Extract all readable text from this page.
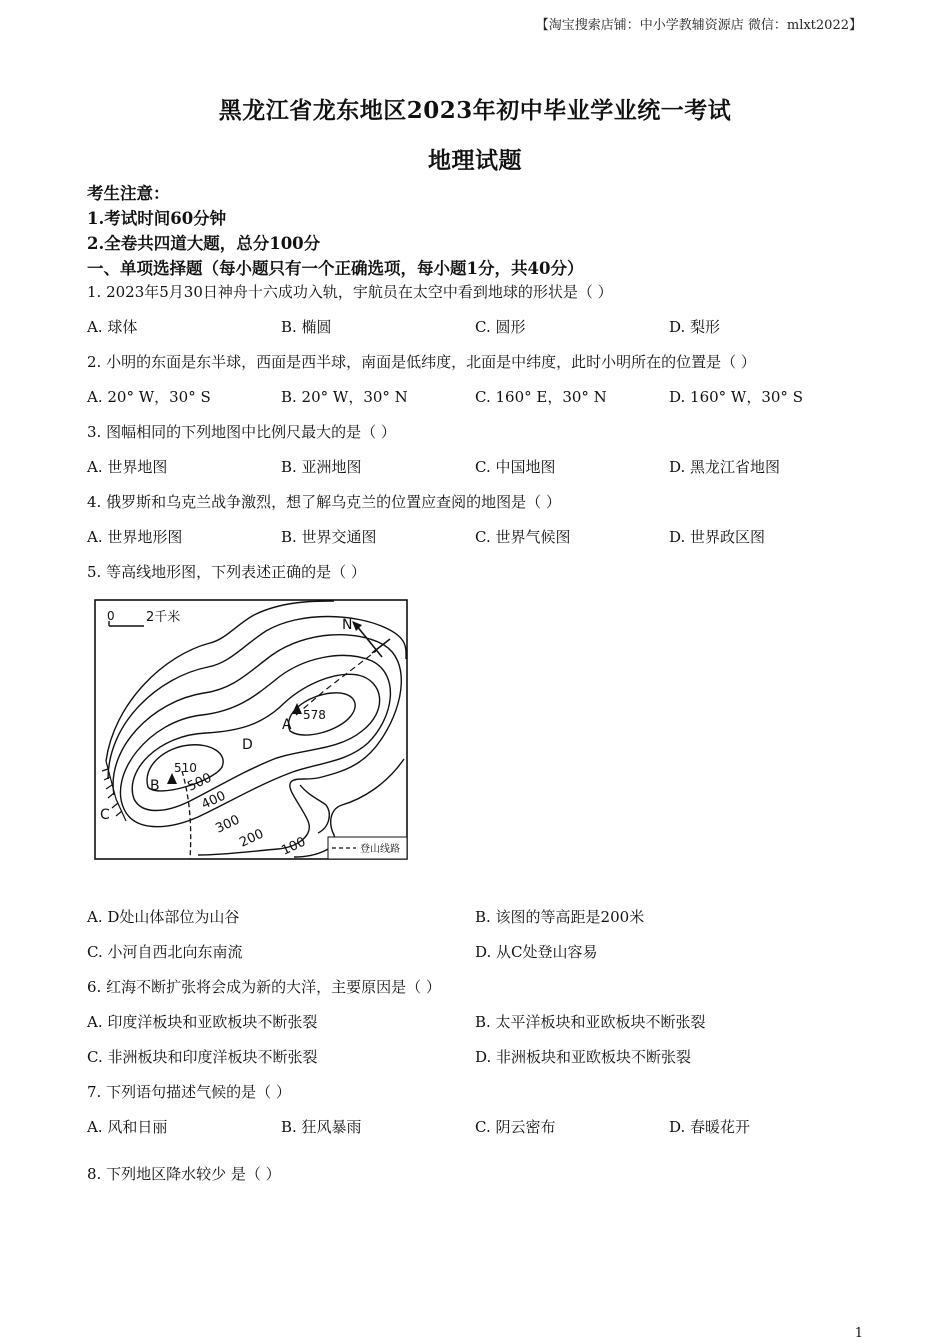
【淘宝搜索店铺：中小学教辅资源店 微信：mlxt2022】
黑龙江省龙东地区2023年初中毕业学业统一考试
地理试题
考生注意：
1.考试时间60分钟
2.全卷共四道大题，总分100分
一、单项选择题（每小题只有一个正确选项，每小题1分，共40分）
1. 2023年5月30日神舟十六成功入轨，宇航员在太空中看到地球的形状是（ ）
A. 球体	B. 椭圆	C. 圆形	D. 梨形
2. 小明的东面是东半球，西面是西半球，南面是低纬度，北面是中纬度，此时小明所在的位置是（ ）
A. 20° W，30° S	B. 20° W，30° N	C. 160° E，30° N	D. 160° W，30° S
3. 图幅相同的下列地图中比例尺最大的是（ ）
A. 世界地图	B. 亚洲地图	C. 中国地图	D. 黑龙江省地图
4. 俄罗斯和乌克兰战争激烈，想了解乌克兰的位置应查阅的地图是（ ）
A. 世界地形图	B. 世界交通图	C. 世界气候图	D. 世界政区图
5. 等高线地形图，下列表述正确的是（ ）
0 2千米	N
A
578
B
510
C
D
500
400
300
200 100	登山线路
A. D处山体部位为山谷	B. 该图的等高距是200米
C. 小河自西北向东南流	D. 从C处登山容易
6. 红海不断扩张将会成为新的大洋，主要原因是（ ）
A. 印度洋板块和亚欧板块不断张裂	B. 太平洋板块和亚欧板块不断张裂
C. 非洲板块和印度洋板块不断张裂	D. 非洲板块和亚欧板块不断张裂
7. 下列语句描述气候的是（ ）
A. 风和日丽	B. 狂风暴雨	C. 阴云密布	D. 春暖花开
8. 下列地区降水较少 是（ ）
1
